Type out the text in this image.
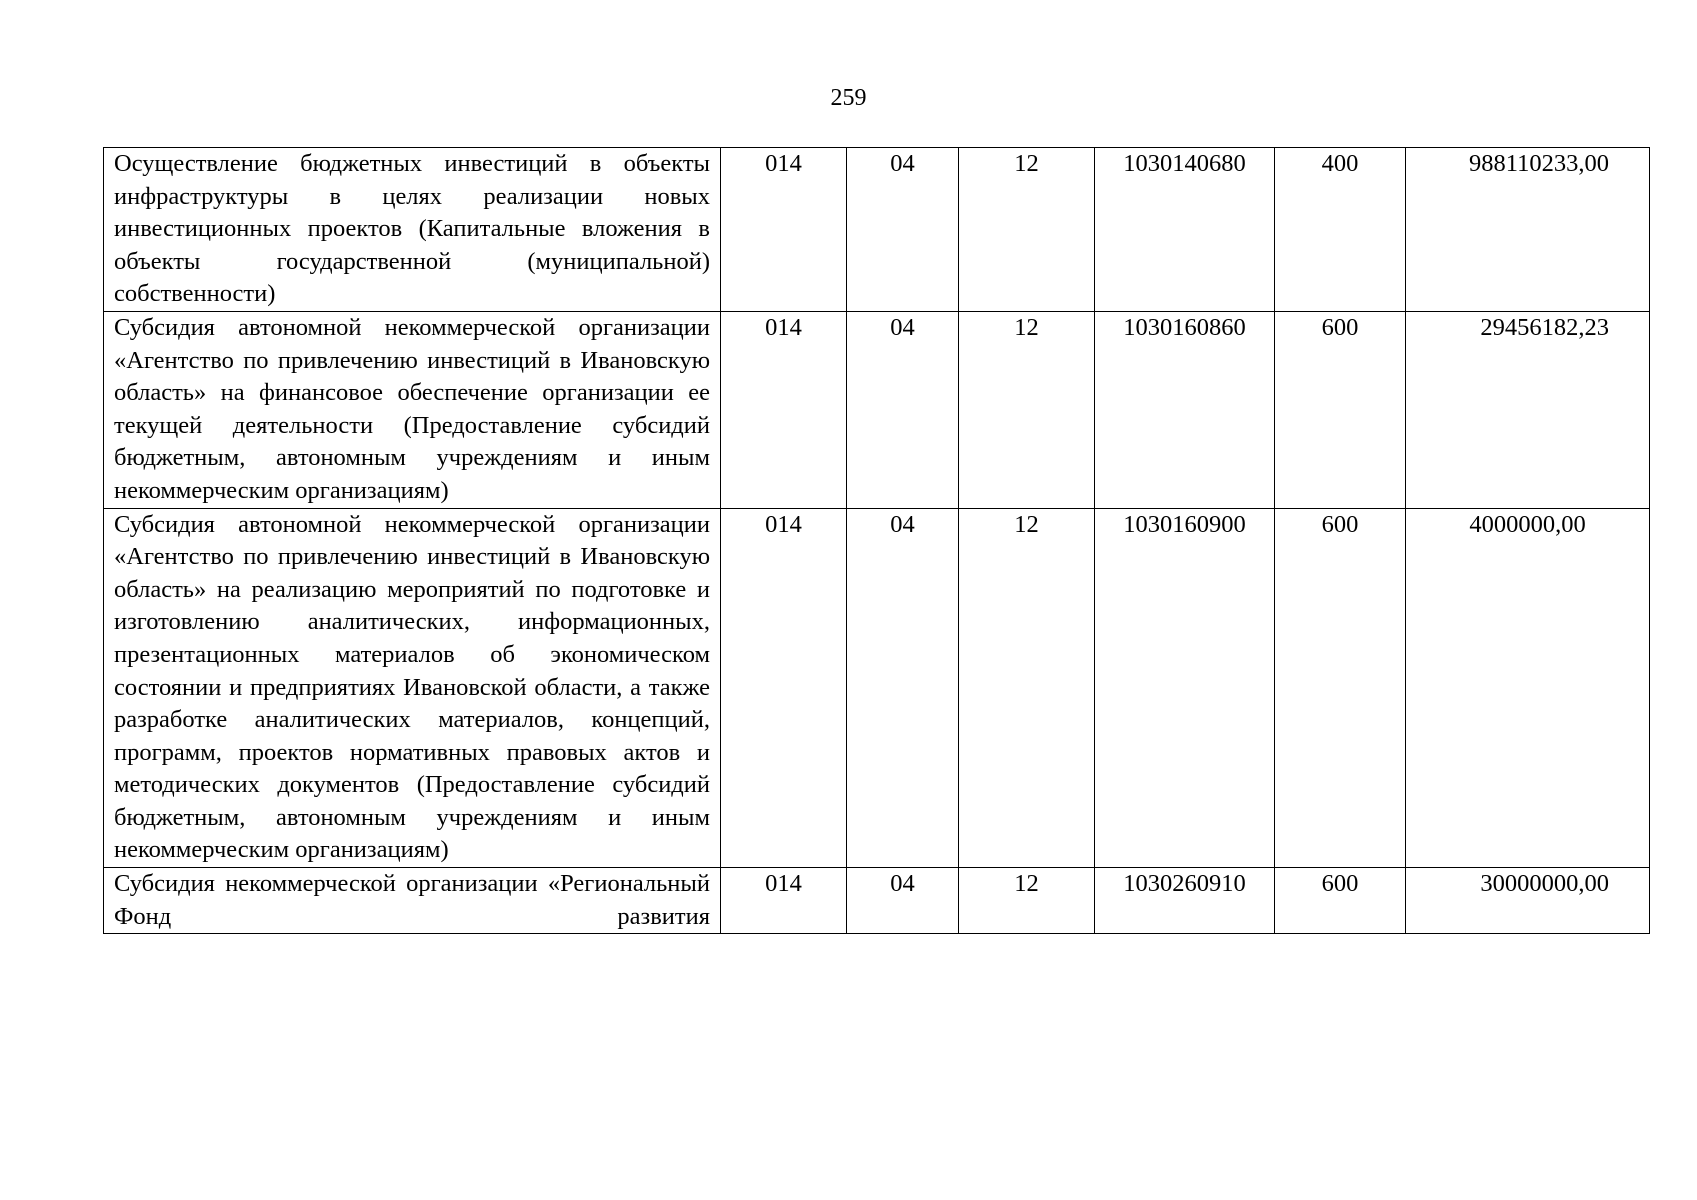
259
Осуществление бюджетных инвестиций в объекты инфраструктуры в целях реализации новых инвестиционных проектов (Капитальные вложения в объекты государственной (муниципальной) собственности)	014	04	12	1030140680	400	988110233,00
Субсидия автономной некоммерческой организации «Агентство по привлечению инвестиций в Ивановскую область» на финансовое обеспечение организации ее текущей деятельности (Предоставление субсидий бюджетным, автономным учреждениям и иным некоммерческим организациям)	014	04	12	1030160860	600	29456182,23
Субсидия автономной некоммерческой организации «Агентство по привлечению инвестиций в Ивановскую область» на реализацию мероприятий по подготовке и изготовлению аналитических, информационных, презентационных материалов об экономическом состоянии и предприятиях Ивановской области, а также разработке аналитических материалов, концепций, программ, проектов нормативных правовых актов и методических документов (Предоставление субсидий бюджетным, автономным учреждениям и иным некоммерческим организациям)	014	04	12	1030160900	600	4000000,00
Субсидия некоммерческой организации «Региональный Фонд развития	014	04	12	1030260910	600	30000000,00
